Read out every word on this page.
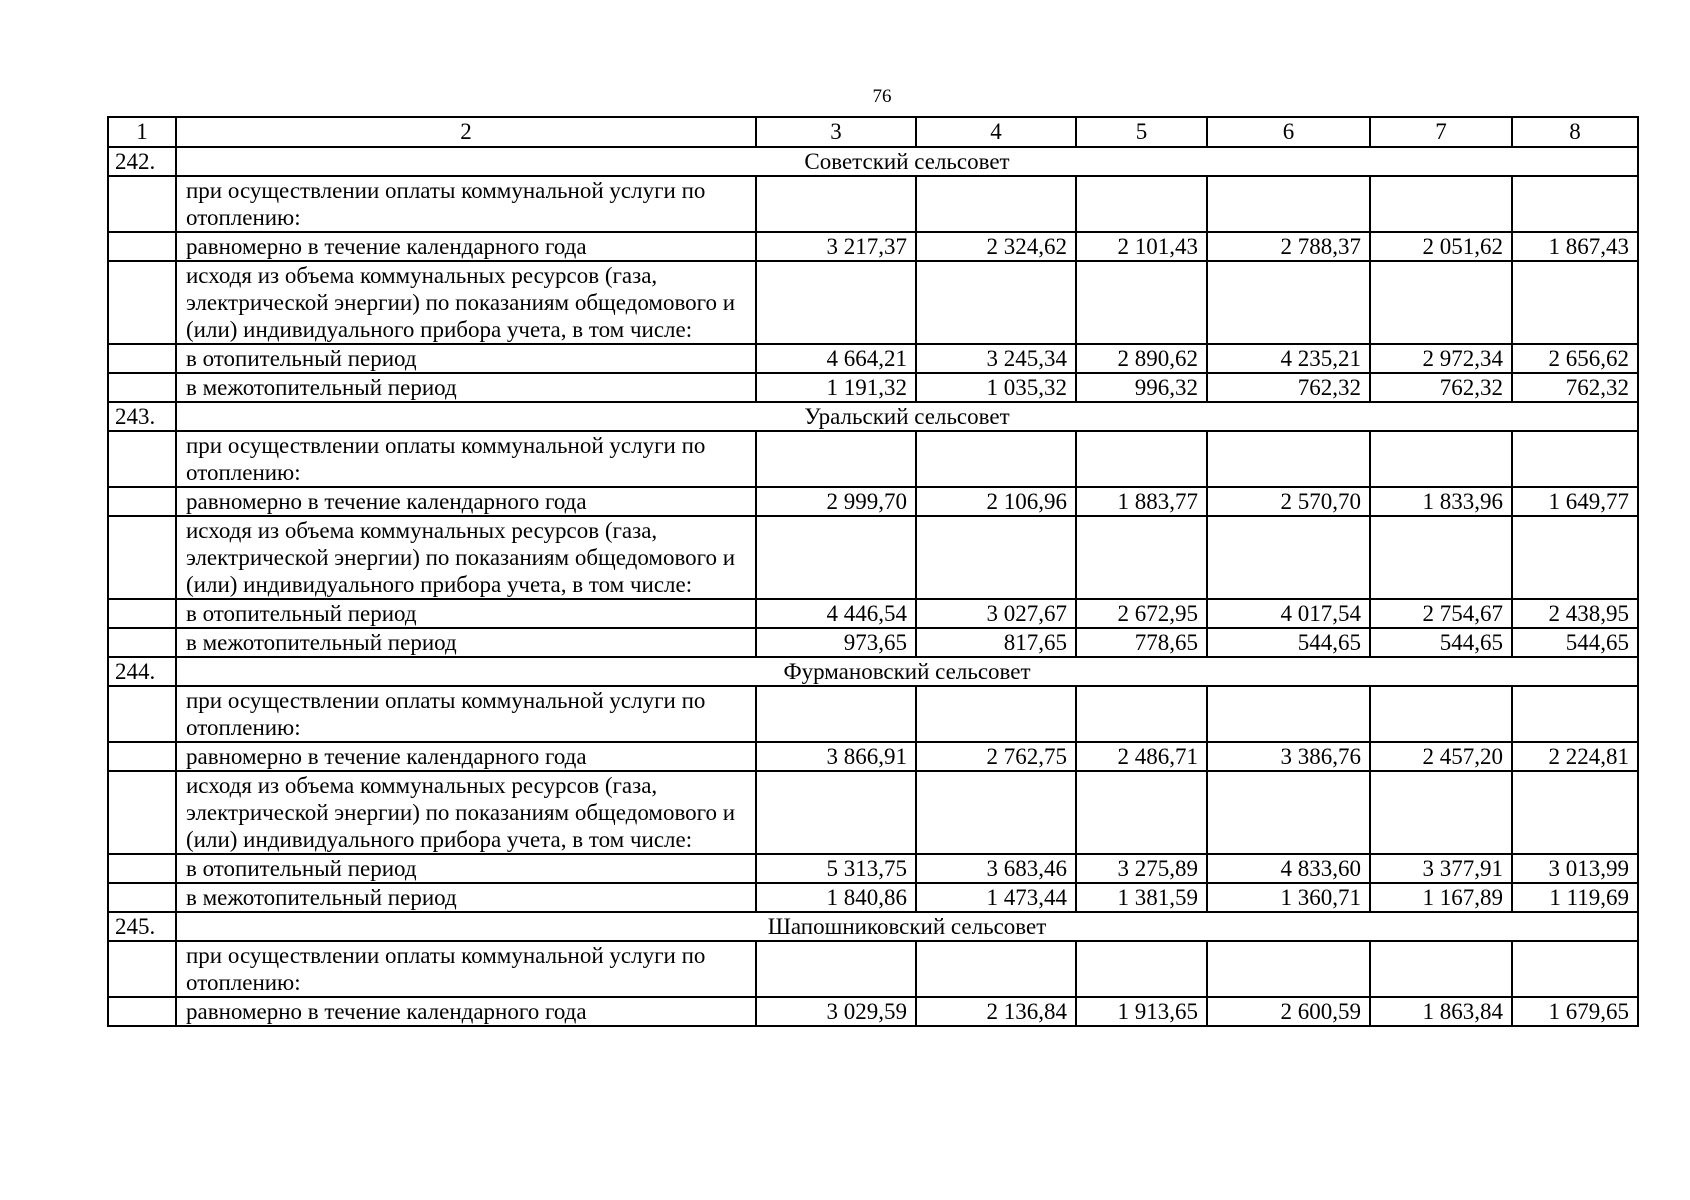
76
1	2	3	4	5	6	7	8
242.	Советский сельсовет						
	при осуществлении оплаты коммунальной услуги по отоплению:						
	равномерно в течение календарного года	3 217,37	2 324,62	2 101,43	2 788,37	2 051,62	1 867,43
	исходя из объема коммунальных ресурсов (газа, электрической энергии) по показаниям общедомового и (или) индивидуального прибора учета, в том числе:						
	в отопительный период	4 664,21	3 245,34	2 890,62	4 235,21	2 972,34	2 656,62
	в межотопительный период	1 191,32	1 035,32	996,32	762,32	762,32	762,32
243.	Уральский сельсовет						
	при осуществлении оплаты коммунальной услуги по отоплению:						
	равномерно в течение календарного года	2 999,70	2 106,96	1 883,77	2 570,70	1 833,96	1 649,77
	исходя из объема коммунальных ресурсов (газа, электрической энергии) по показаниям общедомового и (или) индивидуального прибора учета, в том числе:						
	в отопительный период	4 446,54	3 027,67	2 672,95	4 017,54	2 754,67	2 438,95
	в межотопительный период	973,65	817,65	778,65	544,65	544,65	544,65
244.	Фурмановский сельсовет						
	при осуществлении оплаты коммунальной услуги по отоплению:						
	равномерно в течение календарного года	3 866,91	2 762,75	2 486,71	3 386,76	2 457,20	2 224,81
	исходя из объема коммунальных ресурсов (газа, электрической энергии) по показаниям общедомового и (или) индивидуального прибора учета, в том числе:						
	в отопительный период	5 313,75	3 683,46	3 275,89	4 833,60	3 377,91	3 013,99
	в межотопительный период	1 840,86	1 473,44	1 381,59	1 360,71	1 167,89	1 119,69
245.	Шапошниковский сельсовет						
	при осуществлении оплаты коммунальной услуги по отоплению:						
	равномерно в течение календарного года	3 029,59	2 136,84	1 913,65	2 600,59	1 863,84	1 679,65
